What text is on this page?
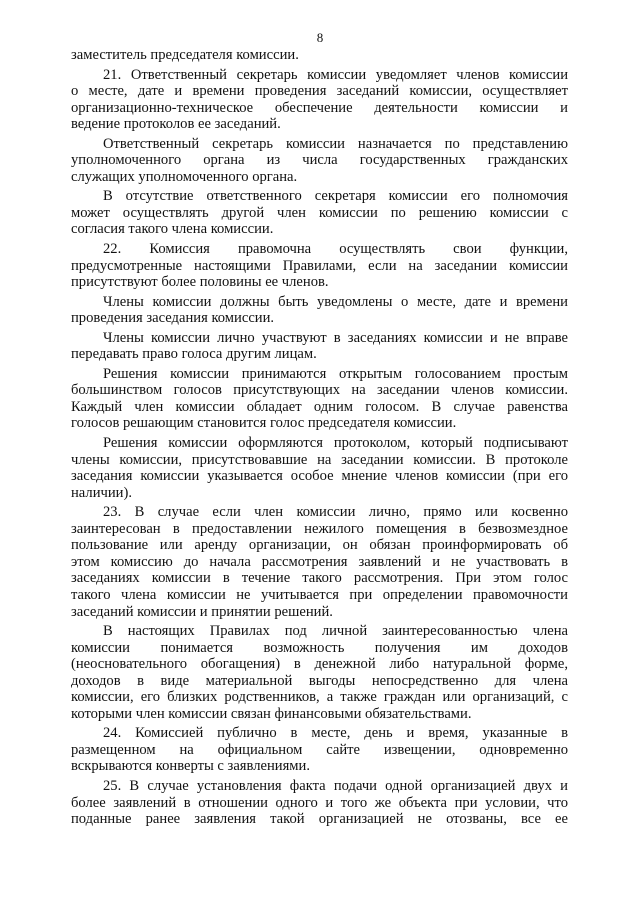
8
заместитель председателя комиссии.
21. Ответственный секретарь комиссии уведомляет членов комиссии
о месте, дате и времени проведения заседаний комиссии, осуществляет
организационно-техническое обеспечение деятельности комиссии и
ведение протоколов ее заседаний.
Ответственный секретарь комиссии назначается по представлению
уполномоченного органа из числа государственных гражданских
служащих уполномоченного органа.
В отсутствие ответственного секретаря комиссии его полномочия
может осуществлять другой член комиссии по решению комиссии с
согласия такого члена комиссии.
22. Комиссия правомочна осуществлять свои функции,
предусмотренные настоящими Правилами, если на заседании комиссии
присутствуют более половины ее членов.
Члены комиссии должны быть уведомлены о месте, дате и времени
проведения заседания комиссии.
Члены комиссии лично участвуют в заседаниях комиссии и не вправе
передавать право голоса другим лицам.
Решения комиссии принимаются открытым голосованием простым
большинством голосов присутствующих на заседании членов комиссии.
Каждый член комиссии обладает одним голосом. В случае равенства
голосов решающим становится голос председателя комиссии.
Решения комиссии оформляются протоколом, который подписывают
члены комиссии, присутствовавшие на заседании комиссии. В протоколе
заседания комиссии указывается особое мнение членов комиссии (при его
наличии).
23. В случае если член комиссии лично, прямо или косвенно
заинтересован в предоставлении нежилого помещения в безвозмездное
пользование или аренду организации, он обязан проинформировать об
этом комиссию до начала рассмотрения заявлений и не участвовать в
заседаниях комиссии в течение такого рассмотрения. При этом голос
такого члена комиссии не учитывается при определении правомочности
заседаний комиссии и принятии решений.
В настоящих Правилах под личной заинтересованностью члена
комиссии понимается возможность получения им доходов
(неосновательного обогащения) в денежной либо натуральной форме,
доходов в виде материальной выгоды непосредственно для члена
комиссии, его близких родственников, а также граждан или организаций, с
которыми член комиссии связан финансовыми обязательствами.
24. Комиссией публично в месте, день и время, указанные в
размещенном на официальном сайте извещении, одновременно
вскрываются конверты с заявлениями.
25. В случае установления факта подачи одной организацией двух и
более заявлений в отношении одного и того же объекта при условии, что
поданные ранее заявления такой организацией не отозваны, все ее
